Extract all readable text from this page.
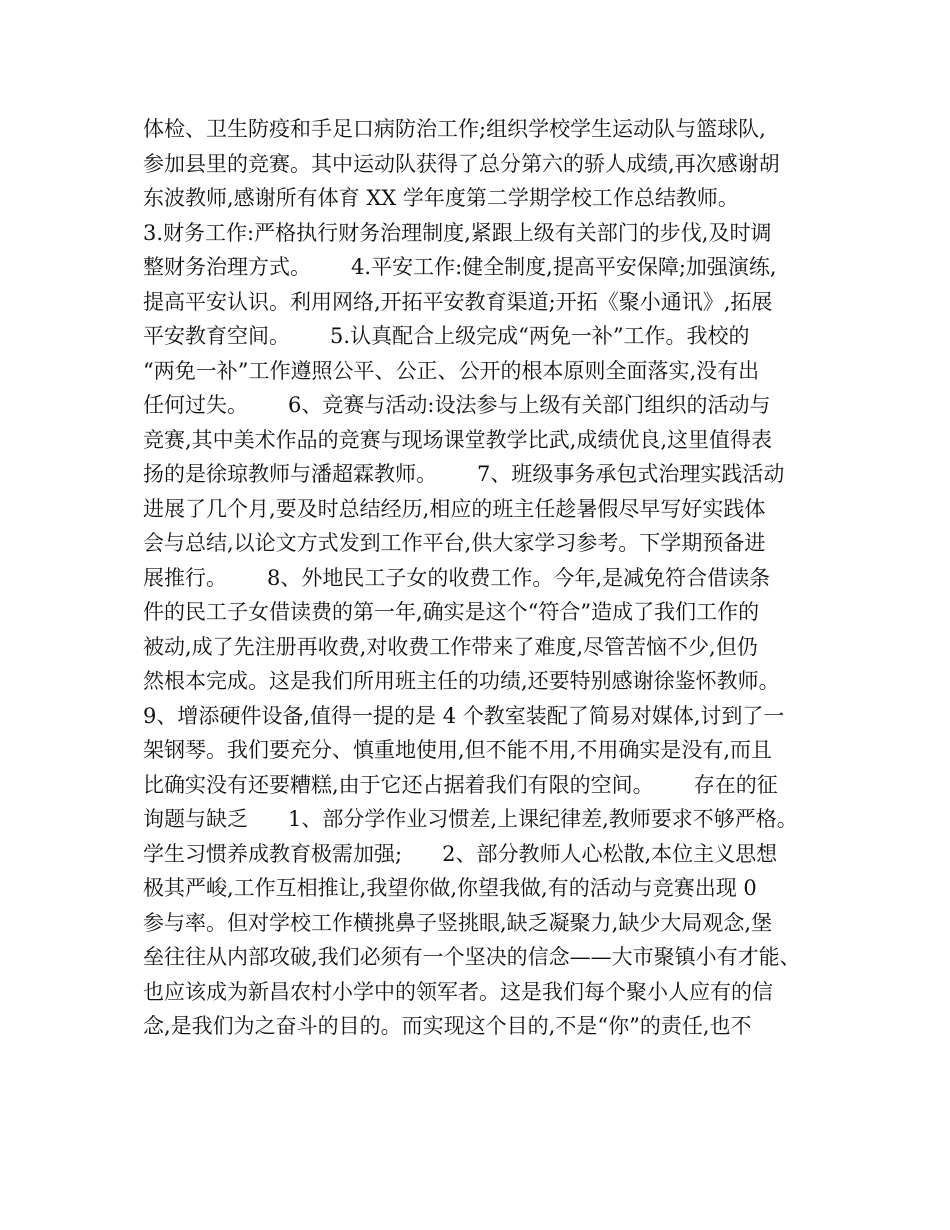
体检、卫生防疫和手足口病防治工作;组织学校学生运动队与篮球队,
参加县里的竞赛。其中运动队获得了总分第六的骄人成绩,再次感谢胡
东波教师,感谢所有体育 XX 学年度第二学期学校工作总结教师。
3.财务工作:严格执行财务治理制度,紧跟上级有关部门的步伐,及时调
整财务治理方式。      4.平安工作:健全制度,提高平安保障;加强演练,
提高平安认识。利用网络,开拓平安教育渠道;开拓《聚小通讯》,拓展
平安教育空间。      5.认真配合上级完成“两免一补”工作。我校的
“两免一补”工作遵照公平、公正、公开的根本原则全面落实,没有出
任何过失。      6、竞赛与活动:设法参与上级有关部门组织的活动与
竞赛,其中美术作品的竞赛与现场课堂教学比武,成绩优良,这里值得表
扬的是徐琼教师与潘超霖教师。      7、班级事务承包式治理实践活动
进展了几个月,要及时总结经历,相应的班主任趁暑假尽早写好实践体
会与总结,以论文方式发到工作平台,供大家学习参考。下学期预备进
展推行。      8、外地民工子女的收费工作。今年,是减免符合借读条
件的民工子女借读费的第一年,确实是这个“符合”造成了我们工作的
被动,成了先注册再收费,对收费工作带来了难度,尽管苦恼不少,但仍
然根本完成。这是我们所用班主任的功绩,还要特别感谢徐鉴怀教师。
9、增添硬件设备,值得一提的是 4 个教室装配了简易对媒体,讨到了一
架钢琴。我们要充分、慎重地使用,但不能不用,不用确实是没有,而且
比确实没有还要糟糕,由于它还占据着我们有限的空间。      存在的征
询题与缺乏      1、部分学作业习惯差,上课纪律差,教师要求不够严格。
学生习惯养成教育极需加强;      2、部分教师人心松散,本位主义思想
极其严峻,工作互相推让,我望你做,你望我做,有的活动与竞赛出现 0
参与率。但对学校工作横挑鼻子竖挑眼,缺乏凝聚力,缺少大局观念,堡
垒往往从内部攻破,我们必须有一个坚决的信念——大市聚镇小有才能、
也应该成为新昌农村小学中的领军者。这是我们每个聚小人应有的信
念,是我们为之奋斗的目的。而实现这个目的,不是“你”的责任,也不
